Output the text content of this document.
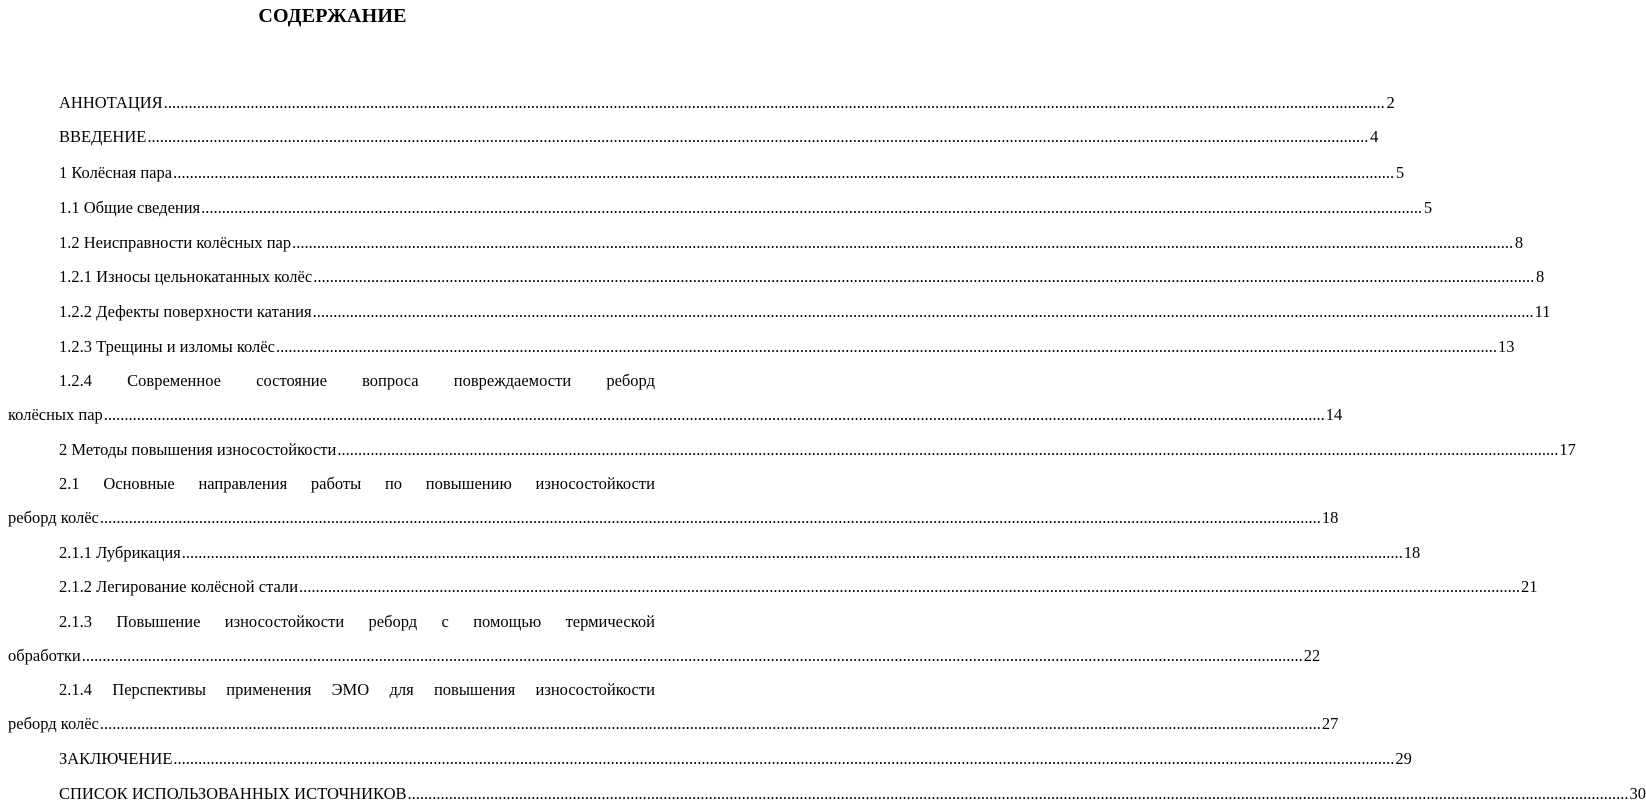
СОДЕРЖАНИЕ
АННОТАЦИЯ .....	2
ВВЕДЕНИЕ .....	4
1 Колёсная пара .....	5
1.1 Общие сведения .....	5
1.2 Неисправности колёсных пар .....	8
1.2.1 Износы цельнокатанных колёс .....	8
1.2.2 Дефекты поверхности катания .....	11
1.2.3 Трещины и изломы колёс .....	13
1.2.4 Современное состояние вопроса повреждаемости реборд
колёсных пар .....	14
2 Методы повышения износостойкости .....	17
2.1 Основные направления работы по повышению износостойкости
реборд колёс .....	18
2.1.1 Лубрикация .....	18
2.1.2 Легирование колёсной стали .....	21
2.1.3 Повышение износостойкости реборд с помощью термической
обработки .....	22
2.1.4 Перспективы применения ЭМО для повышения износостойкости
реборд колёс .....	27
ЗАКЛЮЧЕНИЕ .....	29
СПИСОК ИСПОЛЬЗОВАННЫХ ИСТОЧНИКОВ .....	30
